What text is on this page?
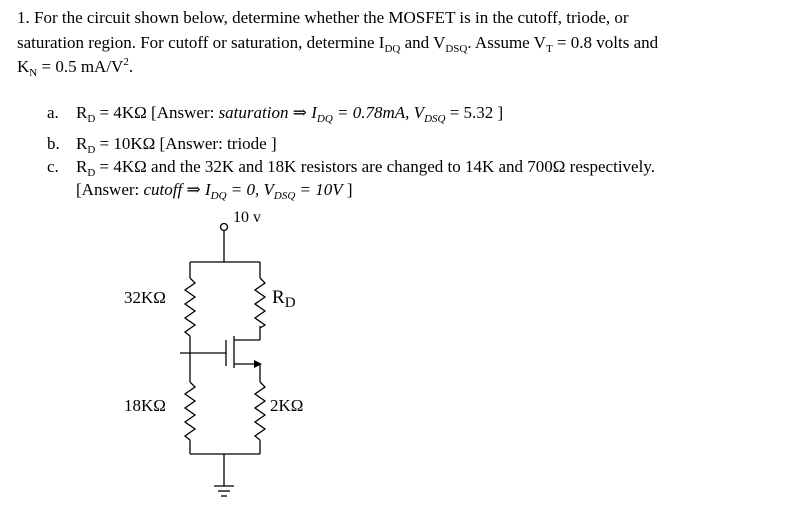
1. For the circuit shown below, determine whether the MOSFET is in the cutoff, triode, or
saturation region. For cutoff or saturation, determine $I_{DQ}$ and $V_{DSQ}$. Assume $V_T = 0.8$ volts and
$K_N = 0.5$ $mA/V^2$.
a. $R_D = 4K\Omega$ [Answer: saturation ⇒ $I_{DQ} = 0.78mA$, $V_{DSQ} = 5.32$ ]
b. $R_D = 10K\Omega$ [Answer: triode ]
c. $R_D = 4K\Omega$ and the 32K and 18K resistors are changed to 14K and 700Ω respectively.
[Answer: cutoff ⇒ $I_{DQ} = 0$, $V_{DSQ} = 10V$ ]
10 v
32KΩ
18KΩ	2KΩ
$R_D$
